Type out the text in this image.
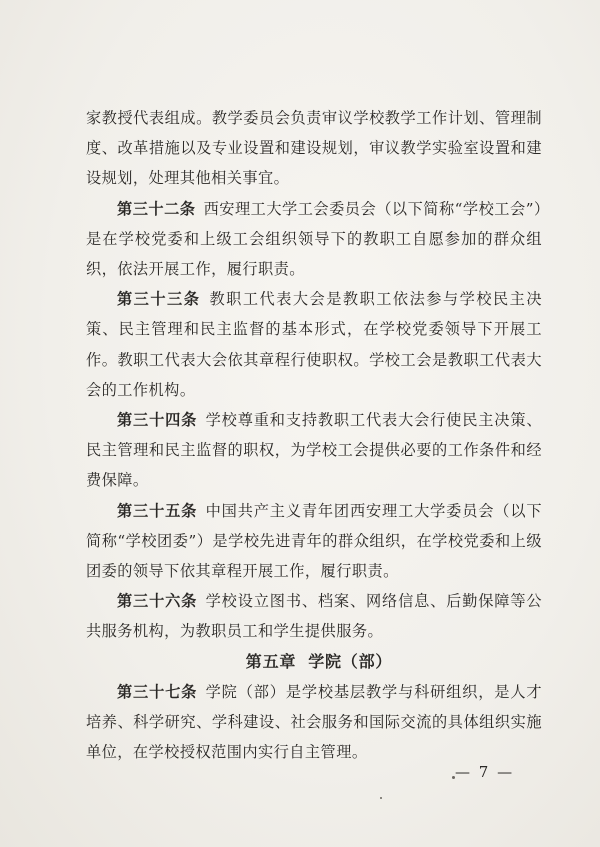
家教授代表组成。教学委员会负责审议学校教学工作计划、管理制度、改革措施以及专业设置和建设规划，审议教学实验室设置和建设规划，处理其他相关事宜。

第三十二条  西安理工大学工会委员会（以下简称“学校工会”）是在学校党委和上级工会组织领导下的教职工自愿参加的群众组织，依法开展工作，履行职责。

第三十三条  教职工代表大会是教职工依法参与学校民主决策、民主管理和民主监督的基本形式，在学校党委领导下开展工作。教职工代表大会依其章程行使职权。学校工会是教职工代表大会的工作机构。

第三十四条  学校尊重和支持教职工代表大会行使民主决策、民主管理和民主监督的职权，为学校工会提供必要的工作条件和经费保障。

第三十五条  中国共产主义青年团西安理工大学委员会（以下简称“学校团委”）是学校先进青年的群众组织，在学校党委和上级团委的领导下依其章程开展工作，履行职责。

第三十六条  学校设立图书、档案、网络信息、后勤保障等公共服务机构，为教职员工和学生提供服务。

第五章 学院（部）

第三十七条  学院（部）是学校基层教学与科研组织，是人才培养、科学研究、学科建设、社会服务和国际交流的具体组织实施单位，在学校授权范围内实行自主管理。

— 7 —
